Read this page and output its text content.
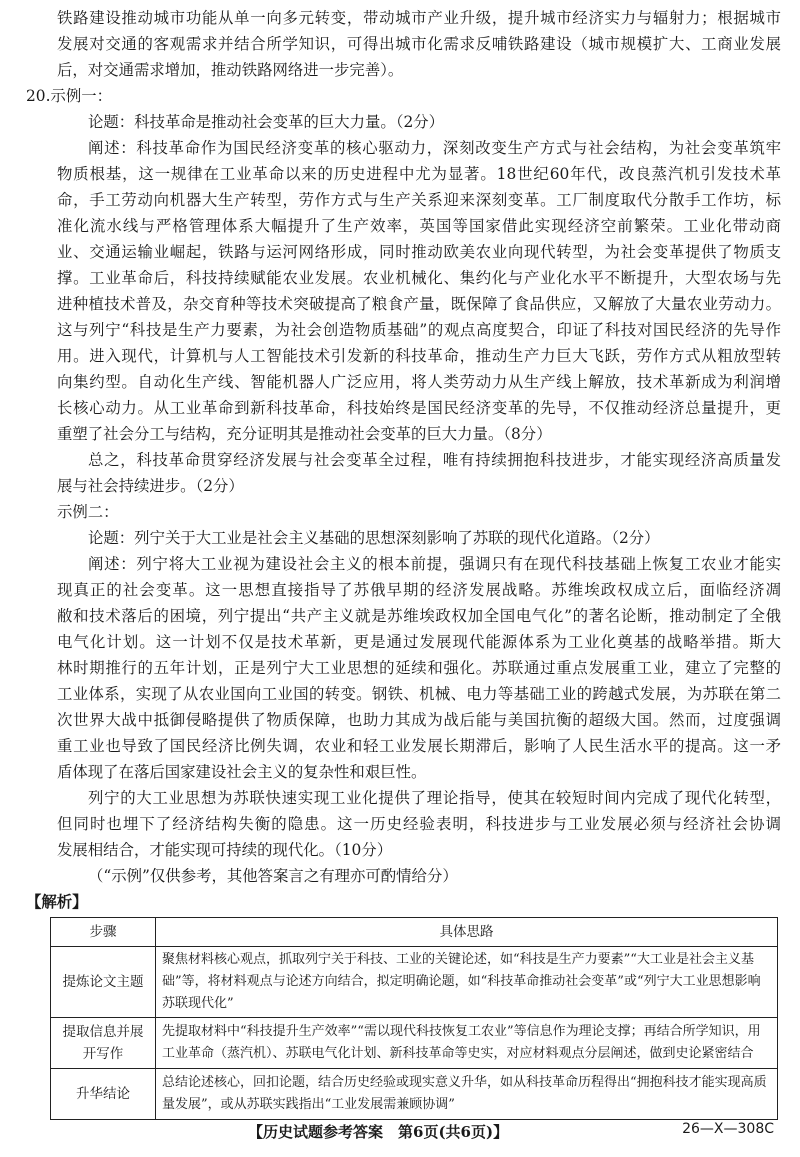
铁路建设推动城市功能从单一向多元转变，带动城市产业升级，提升城市经济实力与辐射力；根据城市
发展对交通的客观需求并结合所学知识，可得出城市化需求反哺铁路建设（城市规模扩大、工商业发展
后，对交通需求增加，推动铁路网络进一步完善）。
20.示例一：
论题：科技革命是推动社会变革的巨大力量。（2分）
阐述：科技革命作为国民经济变革的核心驱动力，深刻改变生产方式与社会结构，为社会变革筑牢
物质根基，这一规律在工业革命以来的历史进程中尤为显著。18世纪60年代，改良蒸汽机引发技术革
命，手工劳动向机器大生产转型，劳作方式与生产关系迎来深刻变革。工厂制度取代分散手工作坊，标
准化流水线与严格管理体系大幅提升了生产效率，英国等国家借此实现经济空前繁荣。工业化带动商
业、交通运输业崛起，铁路与运河网络形成，同时推动欧美农业向现代转型，为社会变革提供了物质支
撑。工业革命后，科技持续赋能农业发展。农业机械化、集约化与产业化水平不断提升，大型农场与先
进种植技术普及，杂交育种等技术突破提高了粮食产量，既保障了食品供应，又解放了大量农业劳动力。
这与列宁“科技是生产力要素，为社会创造物质基础”的观点高度契合，印证了科技对国民经济的先导作
用。进入现代，计算机与人工智能技术引发新的科技革命，推动生产力巨大飞跃，劳作方式从粗放型转
向集约型。自动化生产线、智能机器人广泛应用，将人类劳动力从生产线上解放，技术革新成为利润增
长核心动力。从工业革命到新科技革命，科技始终是国民经济变革的先导，不仅推动经济总量提升，更
重塑了社会分工与结构，充分证明其是推动社会变革的巨大力量。（8分）
总之，科技革命贯穿经济发展与社会变革全过程，唯有持续拥抱科技进步，才能实现经济高质量发
展与社会持续进步。（2分）
示例二：
论题：列宁关于大工业是社会主义基础的思想深刻影响了苏联的现代化道路。（2分）
阐述：列宁将大工业视为建设社会主义的根本前提，强调只有在现代科技基础上恢复工农业才能实
现真正的社会变革。这一思想直接指导了苏俄早期的经济发展战略。苏维埃政权成立后，面临经济凋
敝和技术落后的困境，列宁提出“共产主义就是苏维埃政权加全国电气化”的著名论断，推动制定了全俄
电气化计划。这一计划不仅是技术革新，更是通过发展现代能源体系为工业化奠基的战略举措。斯大
林时期推行的五年计划，正是列宁大工业思想的延续和强化。苏联通过重点发展重工业，建立了完整的
工业体系，实现了从农业国向工业国的转变。钢铁、机械、电力等基础工业的跨越式发展，为苏联在第二
次世界大战中抵御侵略提供了物质保障，也助力其成为战后能与美国抗衡的超级大国。然而，过度强调
重工业也导致了国民经济比例失调，农业和轻工业发展长期滞后，影响了人民生活水平的提高。这一矛
盾体现了在落后国家建设社会主义的复杂性和艰巨性。
列宁的大工业思想为苏联快速实现工业化提供了理论指导，使其在较短时间内完成了现代化转型，
但同时也埋下了经济结构失衡的隐患。这一历史经验表明，科技进步与工业发展必须与经济社会协调
发展相结合，才能实现可持续的现代化。（10分）
（“示例”仅供参考，其他答案言之有理亦可酌情给分）
【解析】
步骤	具体思路
提炼论文主题	聚焦材料核心观点，抓取列宁关于科技、工业的关键论述，如“科技是生产力要素”“大工业是社会主义基础”等，将材料观点与论述方向结合，拟定明确论题，如“科技革命推动社会变革”或“列宁大工业思想影响苏联现代化”
提取信息并展开写作	先提取材料中“科技提升生产效率”“需以现代科技恢复工农业”等信息作为理论支撑；再结合所学知识，用工业革命（蒸汽机）、苏联电气化计划、新科技革命等史实，对应材料观点分层阐述，做到史论紧密结合
升华结论	总结论述核心，回扣论题，结合历史经验或现实意义升华，如从科技革命历程得出“拥抱科技才能实现高质量发展”，或从苏联实践指出“工业发展需兼顾协调”
【历史试题参考答案　第6页(共6页)】	26—X—308C
